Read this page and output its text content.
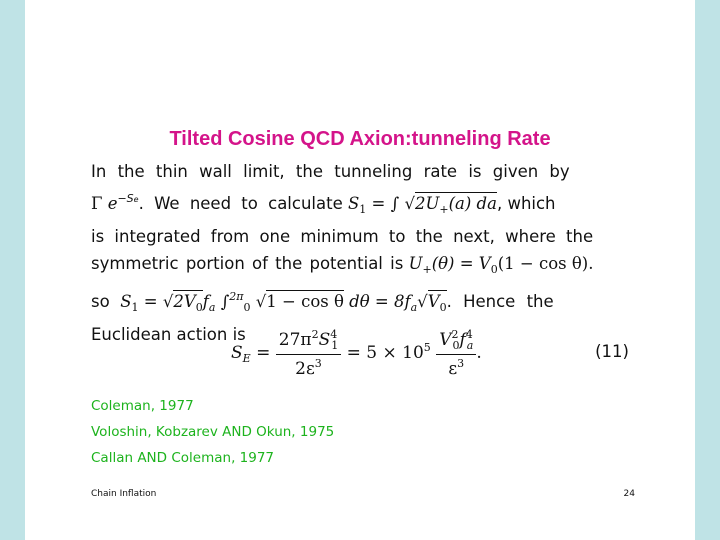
Tilted Cosine QCD Axion:tunneling Rate
In the thin wall limit, the tunneling rate is given by
Γ $e^{-Se}$. We need to calculate $S_1$ = ∫ $√2U_+(a)$ da, which
is integrated from one minimum to the next, where the
symmetric portion of the potential is $U_+(\theta) = V_0(1 - \cos \theta)$.
so $S_1 = √2V_0f_a$ ∫$^{2\pi}_0$ √1 − cos θ $d\theta = 8f_a√V_0$. Hence the
Euclidean action is
$S_E = \frac{27\pi^2S^4_1}{2\varepsilon^3} = 5 \times 10^5 \frac{V^2_0f^4_a}{\varepsilon^3}$ .	(11)
Coleman, 1977
Voloshin, Kobzarev AND Okun, 1975
Callan AND Coleman, 1977
Chain Inflation	24
